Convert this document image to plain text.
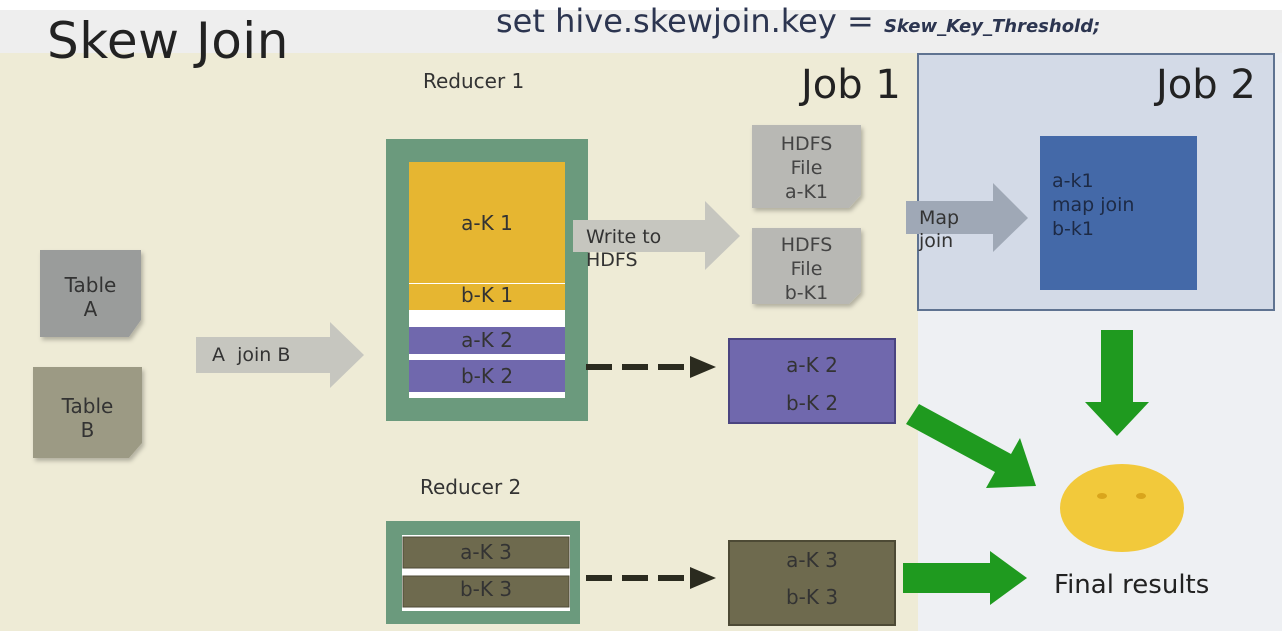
set hive.skewjoin.key = Skew_Key_Threshold;
Skew Join
Reducer 1
Reducer 2
Job 1	Job 2
Table
A
Table
B
A  join B
a-K 1
b-K 1
a-K 2
b-K 2
a-K 3
b-K 3
Write to
HDFS
HDFS
File
a-K1
HDFS
File
b-K1
Map
join
a-k1
map join
b-k1
a-K 2
b-K 2
a-K 3
b-K 3	Final results
